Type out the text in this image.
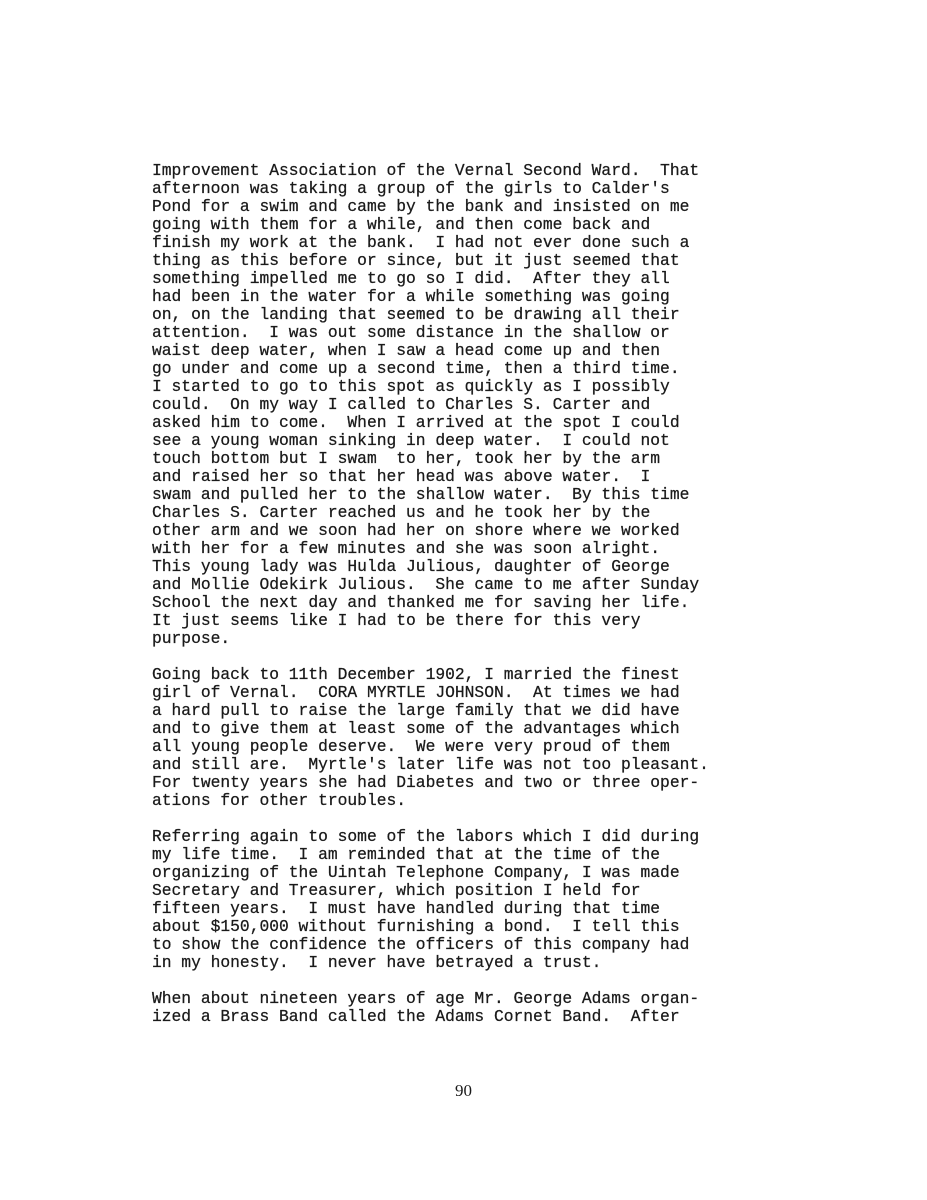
Improvement Association of the Vernal Second Ward.  That
afternoon was taking a group of the girls to Calder's
Pond for a swim and came by the bank and insisted on me
going with them for a while, and then come back and
finish my work at the bank.  I had not ever done such a
thing as this before or since, but it just seemed that
something impelled me to go so I did.  After they all
had been in the water for a while something was going
on, on the landing that seemed to be drawing all their
attention.  I was out some distance in the shallow or
waist deep water, when I saw a head come up and then
go under and come up a second time, then a third time.
I started to go to this spot as quickly as I possibly
could.  On my way I called to Charles S. Carter and
asked him to come.  When I arrived at the spot I could
see a young woman sinking in deep water.  I could not
touch bottom but I swam  to her, took her by the arm
and raised her so that her head was above water.  I
swam and pulled her to the shallow water.  By this time
Charles S. Carter reached us and he took her by the
other arm and we soon had her on shore where we worked
with her for a few minutes and she was soon alright.
This young lady was Hulda Julious, daughter of George
and Mollie Odekirk Julious.  She came to me after Sunday
School the next day and thanked me for saving her life.
It just seems like I had to be there for this very
purpose.
Going back to 11th December 1902, I married the finest
girl of Vernal.  CORA MYRTLE JOHNSON.  At times we had
a hard pull to raise the large family that we did have
and to give them at least some of the advantages which
all young people deserve.  We were very proud of them
and still are.  Myrtle's later life was not too pleasant.
For twenty years she had Diabetes and two or three oper-
ations for other troubles.
Referring again to some of the labors which I did during
my life time.  I am reminded that at the time of the
organizing of the Uintah Telephone Company, I was made
Secretary and Treasurer, which position I held for
fifteen years.  I must have handled during that time
about $150,000 without furnishing a bond.  I tell this
to show the confidence the officers of this company had
in my honesty.  I never have betrayed a trust.
When about nineteen years of age Mr. George Adams organ-
ized a Brass Band called the Adams Cornet Band.  After
90
